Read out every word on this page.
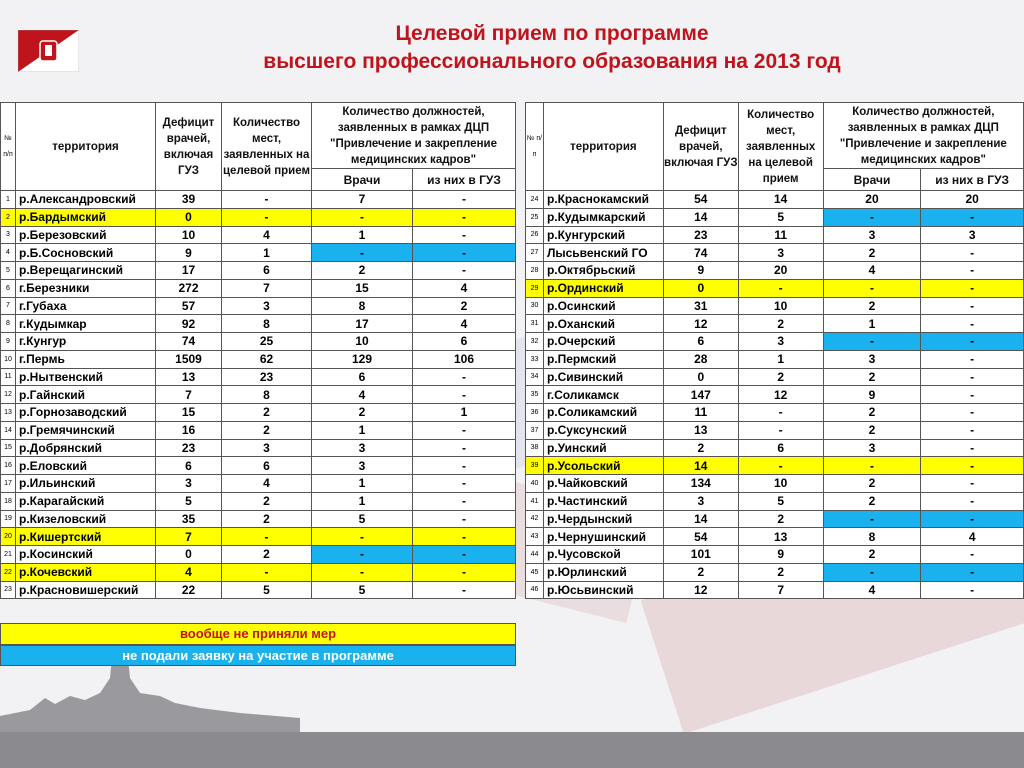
Целевой прием по программе
высшего профессионального образования на 2013 год
№ п/п	территория	Дефицит врачей, включая ГУЗ	Количество мест, заявленных на целевой прием	Количество должностей, заявленных в рамках ДЦП "Привлечение и закрепление медицинских кадров"	
				Врачи	из них в ГУЗ
1	р.Александровский	39	-	7	-
2	р.Бардымский	0	-	-	-
3	р.Березовский	10	4	1	-
4	р.Б.Сосновский	9	1	-	-
5	р.Верещагинский	17	6	2	-
6	г.Березники	272	7	15	4
7	г.Губаха	57	3	8	2
8	г.Кудымкар	92	8	17	4
9	г.Кунгур	74	25	10	6
10	г.Пермь	1509	62	129	106
11	р.Нытвенский	13	23	6	-
12	р.Гайнский	7	8	4	-
13	р.Горнозаводский	15	2	2	1
14	р.Гремячинский	16	2	1	-
15	р.Добрянский	23	3	3	-
16	р.Еловский	6	6	3	-
17	р.Ильинский	3	4	1	-
18	р.Карагайский	5	2	1	-
19	р.Кизеловский	35	2	5	-
20	р.Кишертский	7	-	-	-
21	р.Косинский	0	2	-	-
22	р.Кочевский	4	-	-	-
23	р.Красновишерский	22	5	5	-
№ п/п	территория	Дефицит врачей, включая ГУЗ	Количество мест, заявленных на целевой прием	Количество должностей, заявленных в рамках ДЦП "Привлечение и закрепление медицинских кадров"	
				Врачи	из них в ГУЗ
24	р.Краснокамский	54	14	20	20
25	р.Кудымкарский	14	5	-	-
26	р.Кунгурский	23	11	3	3
27	Лысьвенский ГО	74	3	2	-
28	р.Октябрьский	9	20	4	-
29	р.Ординский	0	-	-	-
30	р.Осинский	31	10	2	-
31	р.Оханский	12	2	1	-
32	р.Очерский	6	3	-	-
33	р.Пермский	28	1	3	-
34	р.Сивинский	0	2	2	-
35	г.Соликамск	147	12	9	-
36	р.Соликамский	11	-	2	-
37	р.Суксунский	13	-	2	-
38	р.Уинский	2	6	3	-
39	р.Усольский	14	-	-	-
40	р.Чайковский	134	10	2	-
41	р.Частинский	3	5	2	-
42	р.Чердынский	14	2	-	-
43	р.Чернушинский	54	13	8	4
44	р.Чусовской	101	9	2	-
45	р.Юрлинский	2	2	-	-
46	р.Юсьвинский	12	7	4	-
вообще не приняли мер
не подали заявку на участие в программе
